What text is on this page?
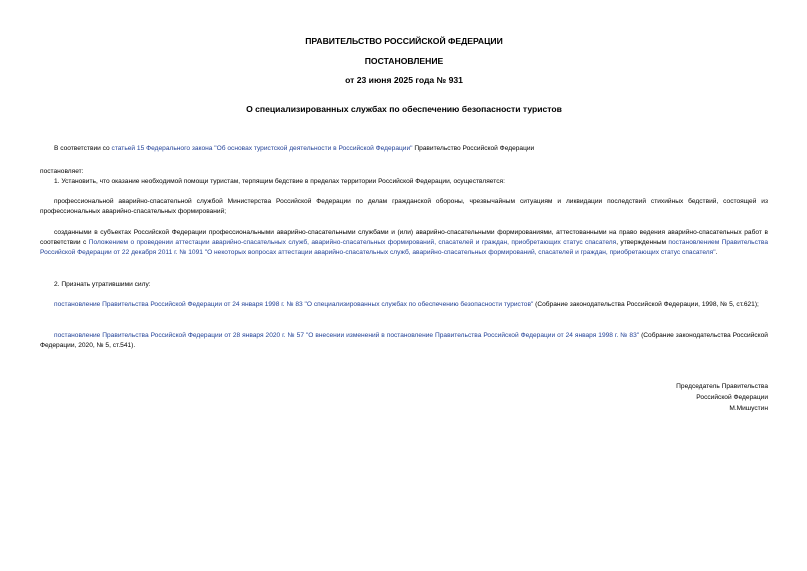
ПРАВИТЕЛЬСТВО РОССИЙСКОЙ ФЕДЕРАЦИИ
ПОСТАНОВЛЕНИЕ
от 23 июня 2025 года № 931
О специализированных службах по обеспечению безопасности туристов
В соответствии со статьей 15 Федерального закона "Об основах туристской деятельности в Российской Федерации" Правительство Российской Федерации
постановляет:
1. Установить, что оказание необходимой помощи туристам, терпящим бедствие в пределах территории Российской Федерации, осуществляется:
профессиональной аварийно-спасательной службой Министерства Российской Федерации по делам гражданской обороны, чрезвычайным ситуациям и ликвидации последствий стихийных бедствий, состоящей из профессиональных аварийно-спасательных формирований;
созданными в субъектах Российской Федерации профессиональными аварийно-спасательными службами и (или) аварийно-спасательными формированиями, аттестованными на право ведения аварийно-спасательных работ в соответствии с Положением о проведении аттестации аварийно-спасательных служб, аварийно-спасательных формирований, спасателей и граждан, приобретающих статус спасателя, утвержденным постановлением Правительства Российской Федерации от 22 декабря 2011 г. № 1091 "О некоторых вопросах аттестации аварийно-спасательных служб, аварийно-спасательных формирований, спасателей и граждан, приобретающих статус спасателя".
2. Признать утратившими силу:
постановление Правительства Российской Федерации от 24 января 1998 г. № 83 "О специализированных службах по обеспечению безопасности туристов" (Собрание законодательства Российской Федерации, 1998, № 5, ст.621);
постановление Правительства Российской Федерации от 28 января 2020 г. № 57 "О внесении изменений в постановление Правительства Российской Федерации от 24 января 1998 г. № 83" (Собрание законодательства Российской Федерации, 2020, № 5, ст.541).
Председатель Правительства
Российской Федерации
М.Мишустин
